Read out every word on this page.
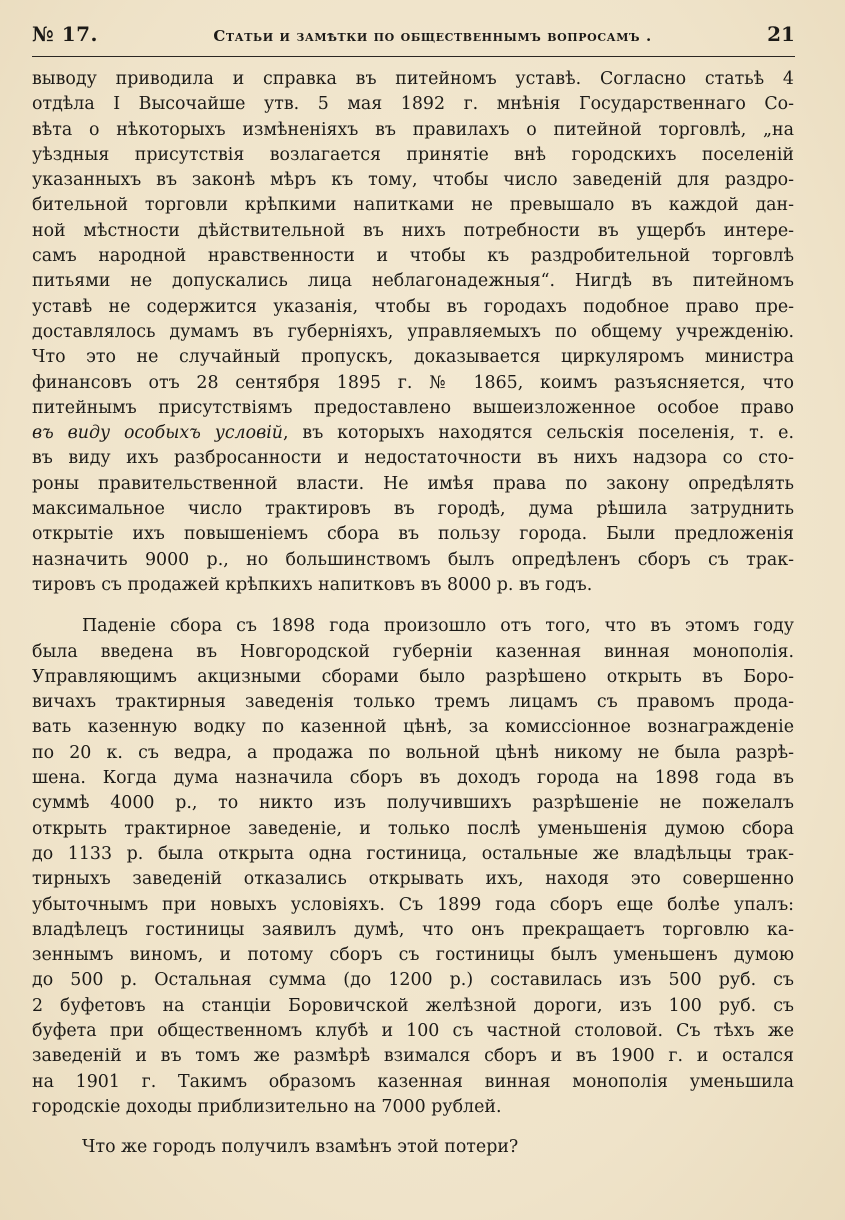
№ 17.	Статьи и замѣтки по общественнымъ вопросамъ .	21
выводу приводила и справка въ питейномъ уставѣ. Согласно статьѣ 4
отдѣла I Высочайше утв. 5 мая 1892 г. мнѣнія Государственнаго Со-
вѣта о нѣкоторыхъ измѣненіяхъ въ правилахъ о питейной торговлѣ, „на
уѣздныя присутствія возлагается принятіе внѣ городскихъ поселеній
указанныхъ въ законѣ мѣръ къ тому, чтобы число заведеній для раздро-
бительной торговли крѣпкими напитками не превышало въ каждой дан-
ной мѣстности дѣйствительной въ нихъ потребности въ ущербъ интере-
самъ народной нравственности и чтобы къ раздробительной торговлѣ
питьями не допускались лица неблагонадежныя“. Нигдѣ въ питейномъ
уставѣ не содержится указанія, чтобы въ городахъ подобное право пре-
доставлялось думамъ въ губерніяхъ, управляемыхъ по общему учрежденію.
Что это не случайный пропускъ, доказывается циркуляромъ министра
финансовъ отъ 28 сентября 1895 г. № 1865, коимъ разъясняется, что
питейнымъ присутствіямъ предоставлено вышеизложенное особое право
въ виду особыхъ условій, въ которыхъ находятся сельскія поселенія, т. е.
въ виду ихъ разбросанности и недостаточности въ нихъ надзора со сто-
роны правительственной власти. Не имѣя права по закону опредѣлять
максимальное число трактировъ въ городѣ, дума рѣшила затруднить
открытіе ихъ повышеніемъ сбора въ пользу города. Были предложенія
назначить 9000 р., но большинствомъ былъ опредѣленъ сборъ съ трак-
тировъ съ продажей крѣпкихъ напитковъ въ 8000 р. въ годъ.
Паденіе сбора съ 1898 года произошло отъ того, что въ этомъ году
была введена въ Новгородской губерніи казенная винная монополія.
Управляющимъ акцизными сборами было разрѣшено открыть въ Боро-
вичахъ трактирныя заведенія только тремъ лицамъ съ правомъ прода-
вать казенную водку по казенной цѣнѣ, за комиссіонное вознагражденіе
по 20 к. съ ведра, а продажа по вольной цѣнѣ никому не была разрѣ-
шена. Когда дума назначила сборъ въ доходъ города на 1898 года въ
суммѣ 4000 р., то никто изъ получившихъ разрѣшеніе не пожелалъ
открыть трактирное заведеніе, и только послѣ уменьшенія думою сбора
до 1133 р. была открыта одна гостиница, остальные же владѣльцы трак-
тирныхъ заведеній отказались открывать ихъ, находя это совершенно
убыточнымъ при новыхъ условіяхъ. Съ 1899 года сборъ еще болѣе упалъ:
владѣлецъ гостиницы заявилъ думѣ, что онъ прекращаетъ торговлю ка-
зеннымъ виномъ, и потому сборъ съ гостиницы былъ уменьшенъ думою
до 500 р. Остальная сумма (до 1200 р.) составилась изъ 500 руб. съ
2 буфетовъ на станціи Боровичской желѣзной дороги, изъ 100 руб. съ
буфета при общественномъ клубѣ и 100 съ частной столовой. Съ тѣхъ же
заведеній и въ томъ же размѣрѣ взимался сборъ и въ 1900 г. и остался
на 1901 г. Такимъ образомъ казенная винная монополія уменьшила
городскіе доходы приблизительно на 7000 рублей.
Что же городъ получилъ взамѣнъ этой потери?
